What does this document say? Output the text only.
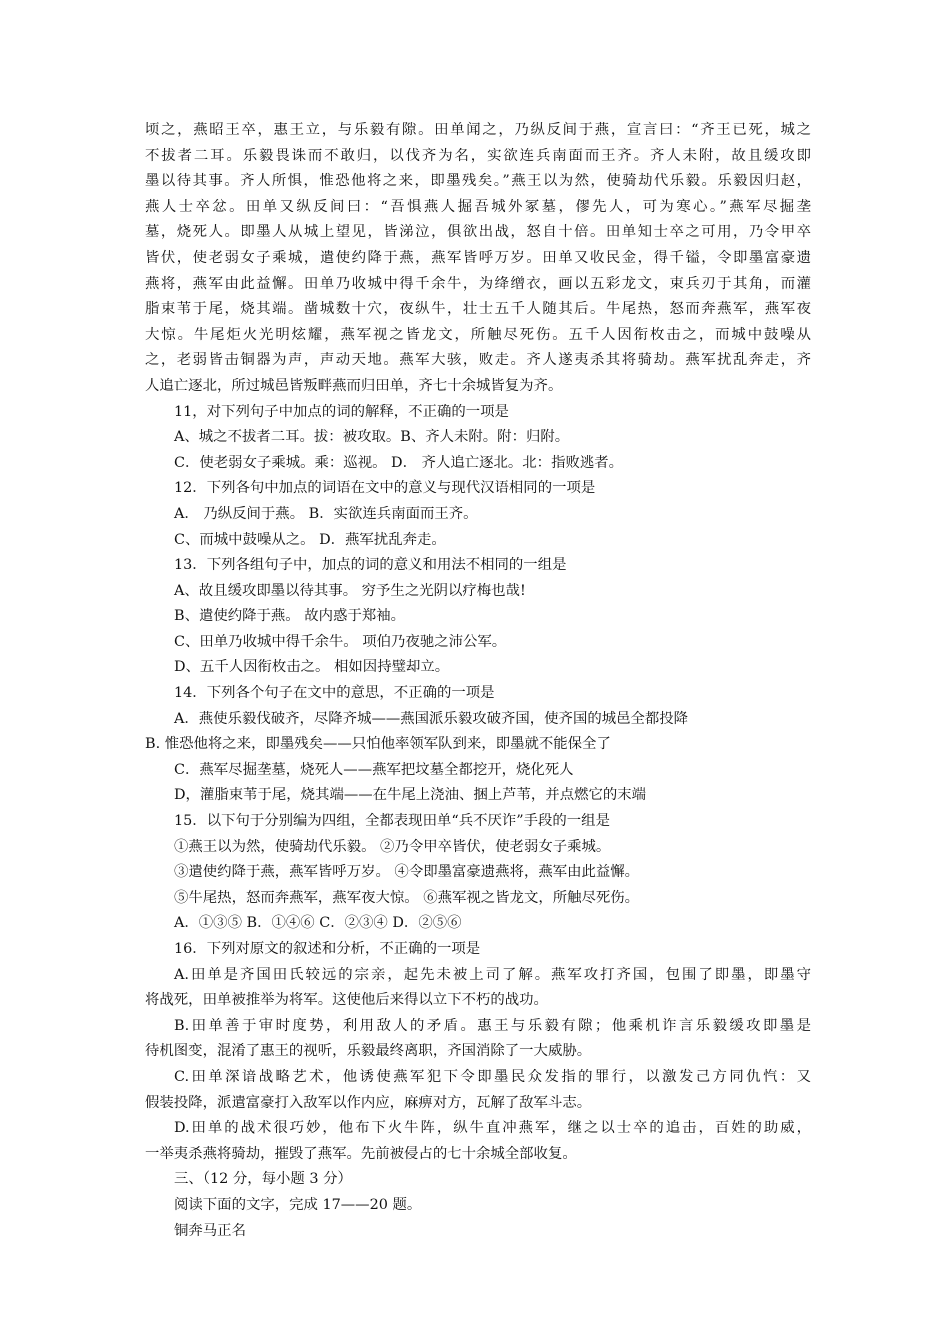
顷之，燕昭王卒，惠王立，与乐毅有隙。田单闻之，乃纵反间于燕，宣言曰：“齐王已死，城之
不拔者二耳。乐毅畏诛而不敢归，以伐齐为名，实欲连兵南面而王齐。齐人未附，故且缓攻即
墨以待其事。齐人所惧，惟恐他将之来，即墨残矣。”燕王以为然，使骑劫代乐毅。乐毅因归赵，
燕人士卒忿。田单又纵反间曰：“吾惧燕人掘吾城外冢墓，僇先人，可为寒心。”燕军尽掘垄
墓，烧死人。即墨人从城上望见，皆涕泣，俱欲出战，怒自十倍。田单知士卒之可用，乃令甲卒
皆伏，使老弱女子乘城，遣使约降于燕，燕军皆呼万岁。田单又收民金，得千镒，令即墨富豪遗
燕将，燕军由此益懈。田单乃收城中得千余牛，为绛缯衣，画以五彩龙文，束兵刃于其角，而灌
脂束苇于尾，烧其端。凿城数十穴，夜纵牛，壮士五千人随其后。牛尾热，怒而奔燕军，燕军夜
大惊。牛尾炬火光明炫耀，燕军视之皆龙文，所触尽死伤。五千人因衔枚击之，而城中鼓噪从
之，老弱皆击铜器为声，声动天地。燕军大骇，败走。齐人遂夷杀其将骑劫。燕军扰乱奔走，齐
人追亡逐北，所过城邑皆叛畔燕而归田单，齐七十余城皆复为齐。
11，对下列句子中加点的词的解释，不正确的一项是
A、城之不拔者二耳。拔：被攻取。B、齐人未附。附：归附。
C．使老弱女子乘城。乘：巡视。 D． 齐人追亡逐北。北：指败逃者。
12．下列各句中加点的词语在文中的意义与现代汉语相同的一项是
A． 乃纵反间于燕。 B．实欲连兵南面而王齐。
C、而城中鼓噪从之。 D．燕军扰乱奔走。
13．下列各组句子中，加点的词的意义和用法不相同的一组是
A、故且缓攻即墨以待其事。 穷予生之光阴以疗梅也哉!
B、遣使约降于燕。 故内惑于郑袖。
C、田单乃收城中得千余牛。 项伯乃夜驰之沛公军。
D、五千人因衔枚击之。 相如因持璧却立。
14．下列各个句子在文中的意思，不正确的一项是
A．燕使乐毅伐破齐，尽降齐城——燕国派乐毅攻破齐国，使齐国的城邑全都投降
B. 惟恐他将之来，即墨残矣——只怕他率领军队到来，即墨就不能保全了
C．燕军尽掘垄墓，烧死人——燕军把坟墓全都挖开，烧化死人
D，灌脂束苇于尾，烧其端——在牛尾上浇油、捆上芦苇，并点燃它的末端
15．以下句于分别编为四组，全都表现田单“兵不厌诈”手段的一组是
①燕王以为然，使骑劫代乐毅。 ②乃令甲卒皆伏，使老弱女子乘城。
③遣使约降于燕，燕军皆呼万岁。 ④令即墨富豪遗燕将，燕军由此益懈。
⑤牛尾热，怒而奔燕军，燕军夜大惊。 ⑥燕军视之皆龙文，所触尽死伤。
A．①③⑤ B．①④⑥ C．②③④ D．②⑤⑥
16．下列对原文的叙述和分析，不正确的一项是
A.田单是齐国田氏较远的宗亲，起先未被上司了解。燕军攻打齐国，包围了即墨，即墨守
将战死，田单被推举为将军。这使他后来得以立下不朽的战功。
B.田单善于审时度势，利用敌人的矛盾。惠王与乐毅有隙；他乘机诈言乐毅缓攻即墨是
待机图变，混淆了惠王的视听，乐毅最终离职，齐国消除了一大威胁。
C.田单深谙战略艺术，他诱使燕军犯下令即墨民众发指的罪行，以激发己方同仇忾：又
假装投降，派遣富豪打入敌军以作内应，麻痹对方，瓦解了敌军斗志。
D.田单的战术很巧妙，他布下火牛阵，纵牛直冲燕军，继之以士卒的追击，百姓的助威，
一举夷杀燕将骑劫，摧毁了燕军。先前被侵占的七十余城全部收复。
三、（12 分，每小题 3 分）
阅读下面的文字，完成 17——20 题。
铜奔马正名
